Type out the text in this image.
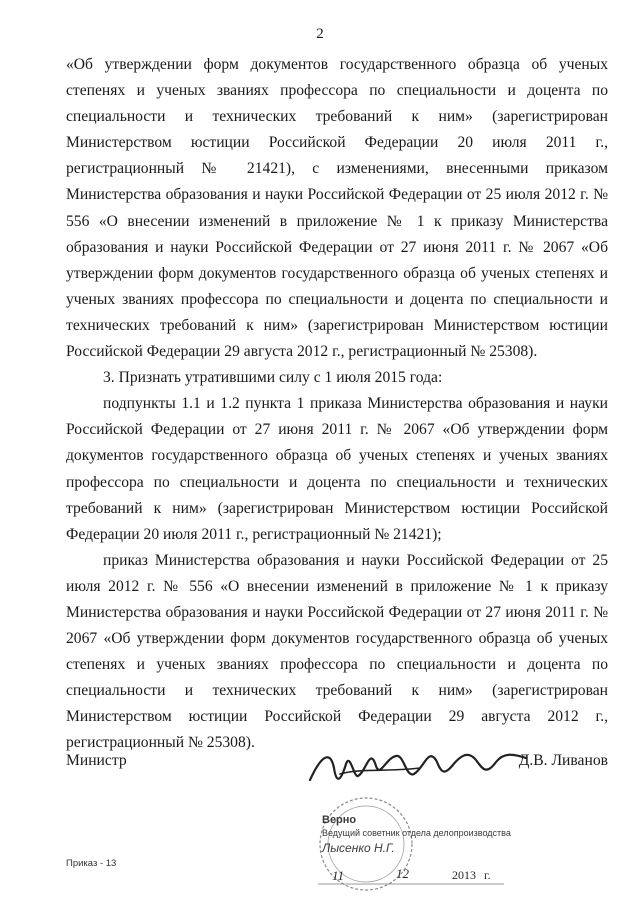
2

«Об утверждении форм документов государственного образца об ученых степенях и ученых званиях профессора по специальности и доцента по специальности и технических требований к ним» (зарегистрирован Министерством юстиции Российской Федерации 20 июля 2011 г., регистрационный № 21421), с изменениями, внесенными приказом Министерства образования и науки Российской Федерации от 25 июля 2012 г. № 556 «О внесении изменений в приложение № 1 к приказу Министерства образования и науки Российской Федерации от 27 июня 2011 г. № 2067 «Об утверждении форм документов государственного образца об ученых степенях и ученых званиях профессора по специальности и доцента по специальности и технических требований к ним» (зарегистрирован Министерством юстиции Российской Федерации 29 августа 2012 г., регистрационный № 25308).

3. Признать утратившими силу с 1 июля 2015 года:

подпункты 1.1 и 1.2 пункта 1 приказа Министерства образования и науки Российской Федерации от 27 июня 2011 г. № 2067 «Об утверждении форм документов государственного образца об ученых степенях и ученых званиях профессора по специальности и доцента по специальности и технических требований к ним» (зарегистрирован Министерством юстиции Российской Федерации 20 июля 2011 г., регистрационный № 21421);

приказ Министерства образования и науки Российской Федерации от 25 июля 2012 г. № 556 «О внесении изменений в приложение № 1 к приказу Министерства образования и науки Российской Федерации от 27 июня 2011 г. № 2067 «Об утверждении форм документов государственного образца об ученых степенях и ученых званиях профессора по специальности и доцента по специальности и технических требований к ним» (зарегистрирован Министерством юстиции Российской Федерации 29 августа 2012 г., регистрационный № 25308).

Министр	Д.В. Ливанов
Верно
Ведущий советник отдела делопроизводства
Лысенко Н.Г.
11	12	2013 г.
Приказ - 13
